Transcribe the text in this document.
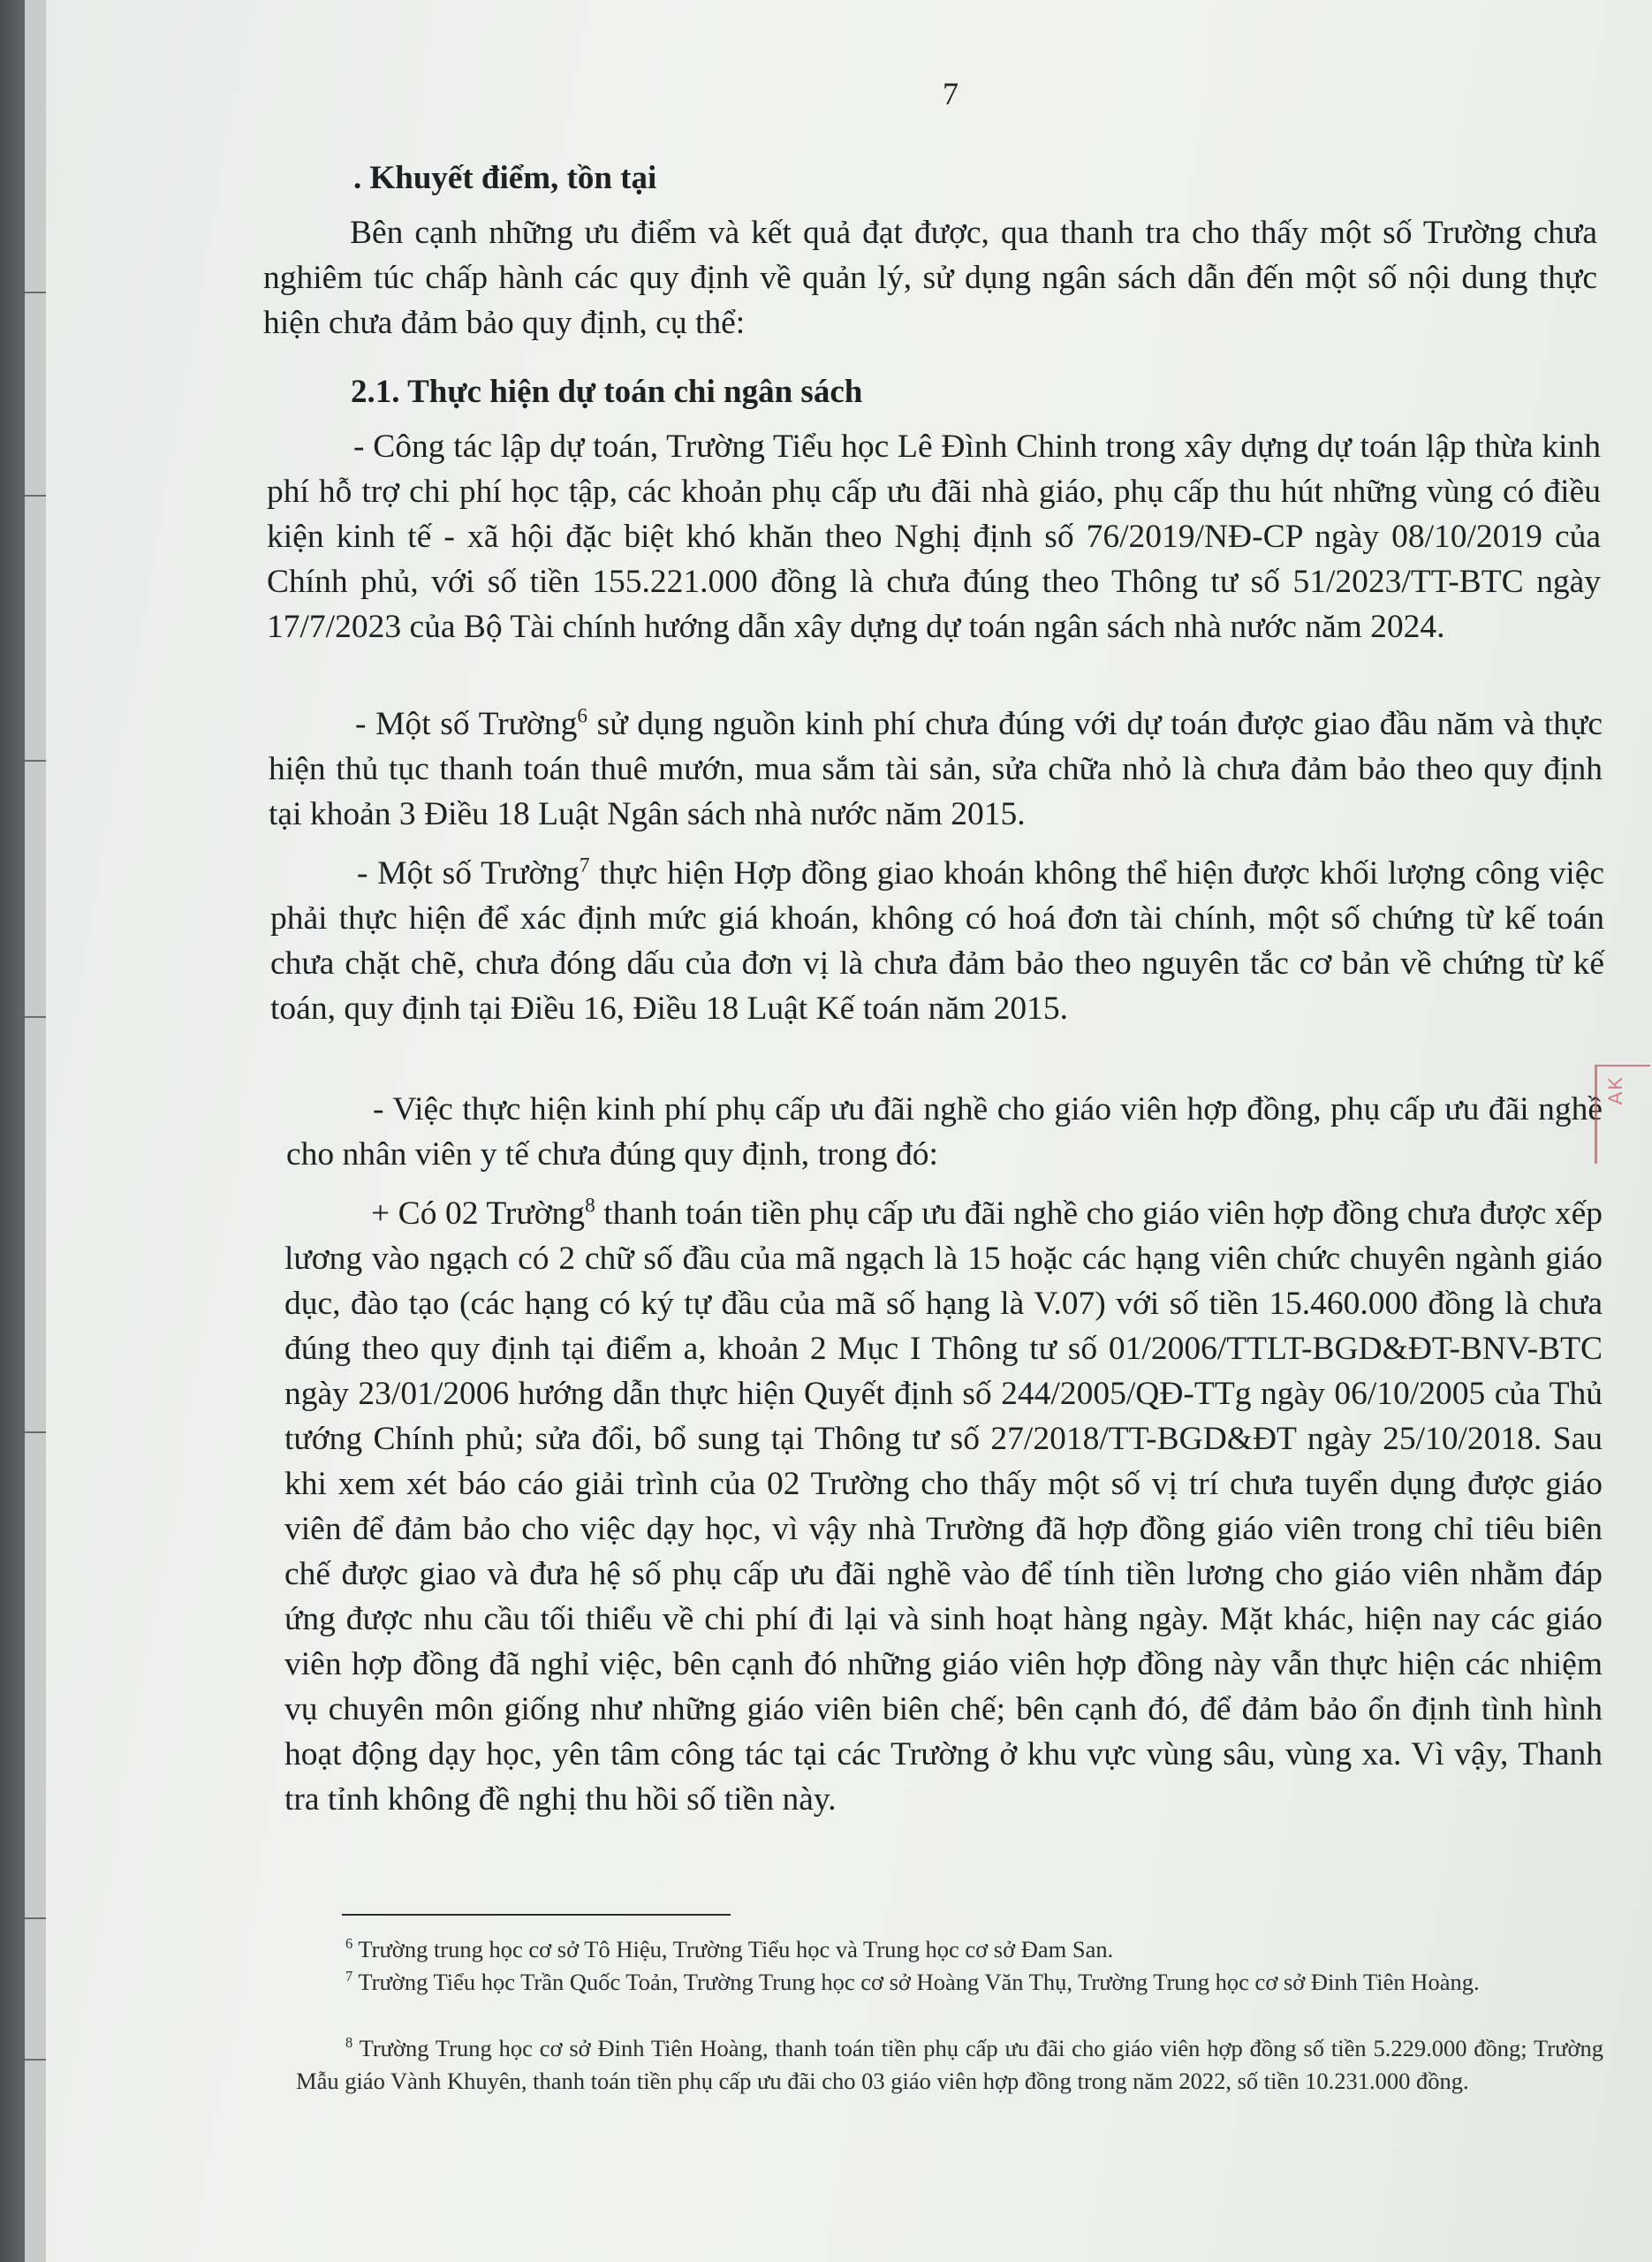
7
. Khuyết điểm, tồn tại
Bên cạnh những ưu điểm và kết quả đạt được, qua thanh tra cho thấy một số Trường chưa nghiêm túc chấp hành các quy định về quản lý, sử dụng ngân sách dẫn đến một số nội dung thực hiện chưa đảm bảo quy định, cụ thể:
2.1. Thực hiện dự toán chi ngân sách
- Công tác lập dự toán, Trường Tiểu học Lê Đình Chinh trong xây dựng dự toán lập thừa kinh phí hỗ trợ chi phí học tập, các khoản phụ cấp ưu đãi nhà giáo, phụ cấp thu hút những vùng có điều kiện kinh tế - xã hội đặc biệt khó khăn theo Nghị định số 76/2019/NĐ-CP ngày 08/10/2019 của Chính phủ, với số tiền 155.221.000 đồng là chưa đúng theo Thông tư số 51/2023/TT-BTC ngày 17/7/2023 của Bộ Tài chính hướng dẫn xây dựng dự toán ngân sách nhà nước năm 2024.
- Một số Trường$^6$ sử dụng nguồn kinh phí chưa đúng với dự toán được giao đầu năm và thực hiện thủ tục thanh toán thuê mướn, mua sắm tài sản, sửa chữa nhỏ là chưa đảm bảo theo quy định tại khoản 3 Điều 18 Luật Ngân sách nhà nước năm 2015.
- Một số Trường$^7$ thực hiện Hợp đồng giao khoán không thể hiện được khối lượng công việc phải thực hiện để xác định mức giá khoán, không có hoá đơn tài chính, một số chứng từ kế toán chưa chặt chẽ, chưa đóng dấu của đơn vị là chưa đảm bảo theo nguyên tắc cơ bản về chứng từ kế toán, quy định tại Điều 16, Điều 18 Luật Kế toán năm 2015.
- Việc thực hiện kinh phí phụ cấp ưu đãi nghề cho giáo viên hợp đồng, phụ cấp ưu đãi nghề cho nhân viên y tế chưa đúng quy định, trong đó:
+ Có 02 Trường$^8$ thanh toán tiền phụ cấp ưu đãi nghề cho giáo viên hợp đồng chưa được xếp lương vào ngạch có 2 chữ số đầu của mã ngạch là 15 hoặc các hạng viên chức chuyên ngành giáo dục, đào tạo (các hạng có ký tự đầu của mã số hạng là V.07) với số tiền 15.460.000 đồng là chưa đúng theo quy định tại điểm a, khoản 2 Mục I Thông tư số 01/2006/TTLT-BGD&ĐT-BNV-BTC ngày 23/01/2006 hướng dẫn thực hiện Quyết định số 244/2005/QĐ-TTg ngày 06/10/2005 của Thủ tướng Chính phủ; sửa đổi, bổ sung tại Thông tư số 27/2018/TT-BGD&ĐT ngày 25/10/2018. Sau khi xem xét báo cáo giải trình của 02 Trường cho thấy một số vị trí chưa tuyển dụng được giáo viên để đảm bảo cho việc dạy học, vì vậy nhà Trường đã hợp đồng giáo viên trong chỉ tiêu biên chế được giao và đưa hệ số phụ cấp ưu đãi nghề vào để tính tiền lương cho giáo viên nhằm đáp ứng được nhu cầu tối thiểu về chi phí đi lại và sinh hoạt hàng ngày. Mặt khác, hiện nay các giáo viên hợp đồng đã nghỉ việc, bên cạnh đó những giáo viên hợp đồng này vẫn thực hiện các nhiệm vụ chuyên môn giống như những giáo viên biên chế; bên cạnh đó, để đảm bảo ổn định tình hình hoạt động dạy học, yên tâm công tác tại các Trường ở khu vực vùng sâu, vùng xa. Vì vậy, Thanh tra tỉnh không đề nghị thu hồi số tiền này.
$^6$ Trường trung học cơ sở Tô Hiệu, Trường Tiểu học và Trung học cơ sở Đam San.
$^7$ Trường Tiểu học Trần Quốc Toản, Trường Trung học cơ sở Hoàng Văn Thụ, Trường Trung học cơ sở Đinh Tiên Hoàng.
$^8$ Trường Trung học cơ sở Đinh Tiên Hoàng, thanh toán tiền phụ cấp ưu đãi cho giáo viên hợp đồng số tiền 5.229.000 đồng; Trường Mẫu giáo Vành Khuyên, thanh toán tiền phụ cấp ưu đãi cho 03 giáo viên hợp đồng trong năm 2022, số tiền 10.231.000 đồng.
AK
